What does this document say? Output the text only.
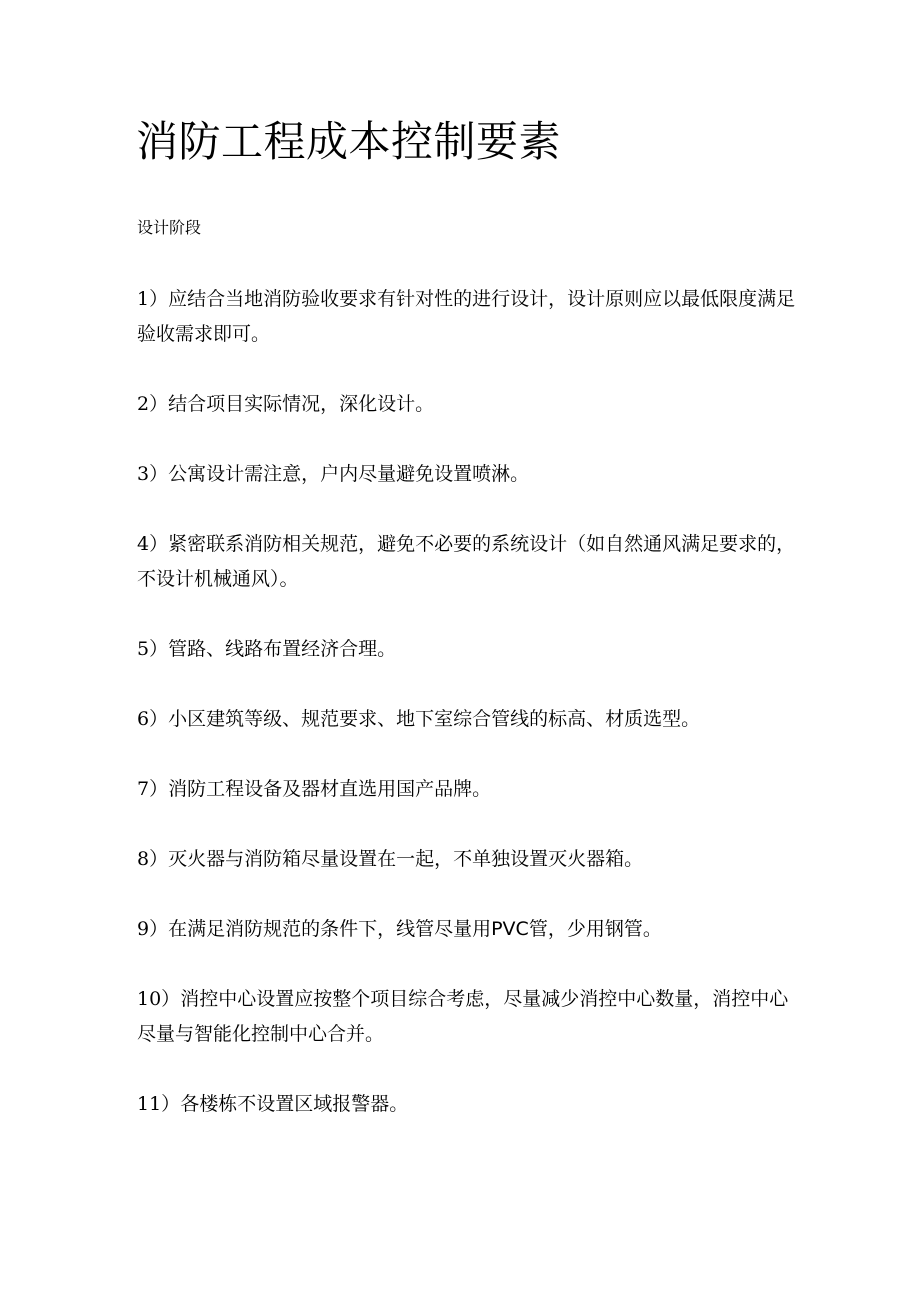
消防工程成本控制要素

设计阶段

1）应结合当地消防验收要求有针对性的进行设计，设计原则应以最低限度满足验收需求即可。

2）结合项目实际情况，深化设计。

3）公寓设计需注意，户内尽量避免设置喷淋。

4）紧密联系消防相关规范，避免不必要的系统设计（如自然通风满足要求的，不设计机械通风）。

5）管路、线路布置经济合理。

6）小区建筑等级、规范要求、地下室综合管线的标高、材质选型。

7）消防工程设备及器材直选用国产品牌。

8）灭火器与消防箱尽量设置在一起，不单独设置灭火器箱。

9）在满足消防规范的条件下，线管尽量用PVC管，少用钢管。

10）消控中心设置应按整个项目综合考虑，尽量减少消控中心数量，消控中心尽量与智能化控制中心合并。

11）各楼栋不设置区域报警器。
